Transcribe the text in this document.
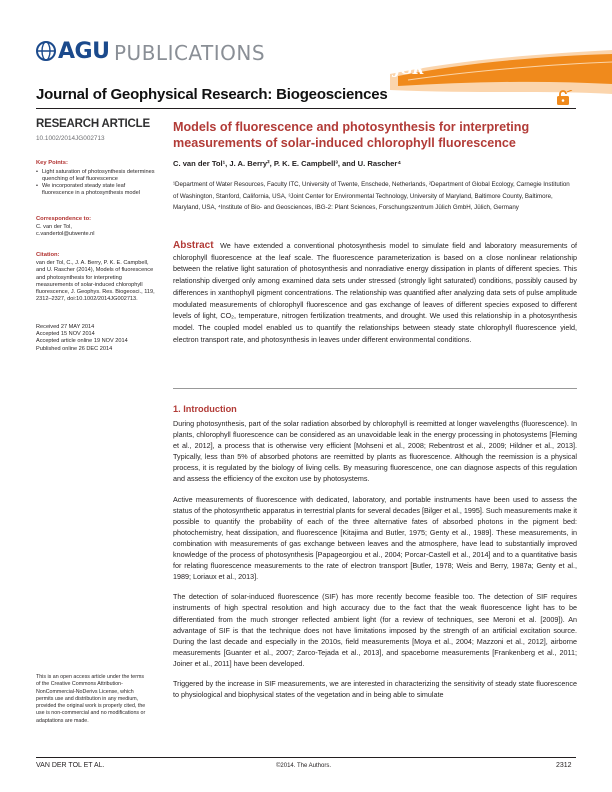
AGU PUBLICATIONS
JGR
Journal of Geophysical Research: Biogeosciences
RESEARCH ARTICLE
10.1002/2014JG002713
Key Points:
• Light saturation of photosynthesis determines quenching of leaf fluorescence
• We incorporated steady state leaf fluorescence in a photosynthesis model
Correspondence to:
C. van der Tol,
c.vandertol@utwente.nl
Citation:
van der Tol, C., J. A. Berry, P. K. E. Campbell, and U. Rascher (2014), Models of fluorescence and photosynthesis for interpreting measurements of solar-induced chlorophyll fluorescence, J. Geophys. Res. Biogeosci., 119, 2312–2327, doi:10.1002/2014JG002713.
Received 27 MAY 2014
Accepted 15 NOV 2014
Accepted article online 19 NOV 2014
Published online 26 DEC 2014
This is an open access article under the terms of the Creative Commons Attribution-NonCommercial-NoDerivs License, which permits use and distribution in any medium, provided the original work is properly cited, the use is non-commercial and no modifications or adaptations are made.
Models of fluorescence and photosynthesis for interpreting measurements of solar-induced chlorophyll fluorescence
C. van der Tol¹, J. A. Berry², P. K. E. Campbell³, and U. Rascher⁴
¹Department of Water Resources, Faculty ITC, University of Twente, Enschede, Netherlands, ²Department of Global Ecology, Carnegie Institution of Washington, Stanford, California, USA, ³Joint Center for Environmental Technology, University of Maryland, Baltimore County, Baltimore, Maryland, USA, ⁴Institute of Bio- and Geosciences, IBG-2: Plant Sciences, Forschungszentrum Jülich GmbH, Jülich, Germany
Abstract We have extended a conventional photosynthesis model to simulate field and laboratory measurements of chlorophyll fluorescence at the leaf scale. The fluorescence parameterization is based on a close nonlinear relationship between the relative light saturation of photosynthesis and nonradiative energy dissipation in plants of different species. This relationship diverged only among examined data sets under stressed (strongly light saturated) conditions, possibly caused by differences in xanthophyll pigment concentrations. The relationship was quantified after analyzing data sets of pulse amplitude modulated measurements of chlorophyll fluorescence and gas exchange of leaves of different species exposed to different levels of light, CO₂, temperature, nitrogen fertilization treatments, and drought. We used this relationship in a photosynthesis model. The coupled model enabled us to quantify the relationships between steady state chlorophyll fluorescence yield, electron transport rate, and photosynthesis in leaves under different environmental conditions.
1. Introduction

During photosynthesis, part of the solar radiation absorbed by chlorophyll is reemitted at longer wavelengths (fluorescence). In plants, chlorophyll fluorescence can be considered as an unavoidable leak in the energy processing in photosystems [Fleming et al., 2012], a process that is otherwise very efficient [Mohseni et al., 2008; Rebentrost et al., 2009; Hildner et al., 2013]. Typically, less than 5% of absorbed photons are reemitted by plants as fluorescence. Although the reemission is a physical process, it is regulated by the biology of living cells. By measuring fluorescence, one can diagnose aspects of this regulation and assess the efficiency of the exciton use by photosystems.

Active measurements of fluorescence with dedicated, laboratory, and portable instruments have been used to assess the status of the photosynthetic apparatus in terrestrial plants for several decades [Bilger et al., 1995]. Such measurements make it possible to quantify the probability of each of the three alternative fates of absorbed photons in the pigment bed: photochemistry, heat dissipation, and fluorescence [Kitajima and Butler, 1975; Genty et al., 1989]. These measurements, in combination with measurements of gas exchange between leaves and the atmosphere, have lead to substantially improved knowledge of the process of photosynthesis [Papageorgiou et al., 2004; Porcar-Castell et al., 2014] and to a quantitative basis for relating fluorescence measurements to the rate of electron transport [Butler, 1978; Weis and Berry, 1987a; Genty et al., 1989; Loriaux et al., 2013].

The detection of solar-induced fluorescence (SIF) has more recently become feasible too. The detection of SIF requires instruments of high spectral resolution and high accuracy due to the fact that the weak fluorescence light has to be differentiated from the much stronger reflected ambient light (for a review of techniques, see Meroni et al. [2009]). An advantage of SIF is that the technique does not have limitations imposed by the strength of an artificial excitation source. During the last decade and especially in the 2010s, field measurements [Moya et al., 2004; Mazzoni et al., 2012], airborne measurements [Guanter et al., 2007; Zarco-Tejada et al., 2013], and spaceborne measurements [Frankenberg et al., 2011; Joiner et al., 2011] have been developed.

Triggered by the increase in SIF measurements, we are interested in characterizing the sensitivity of steady state fluorescence to physiological and biophysical states of the vegetation and in being able to simulate

VAN DER TOL ET AL.	©2014. The Authors.	2312
